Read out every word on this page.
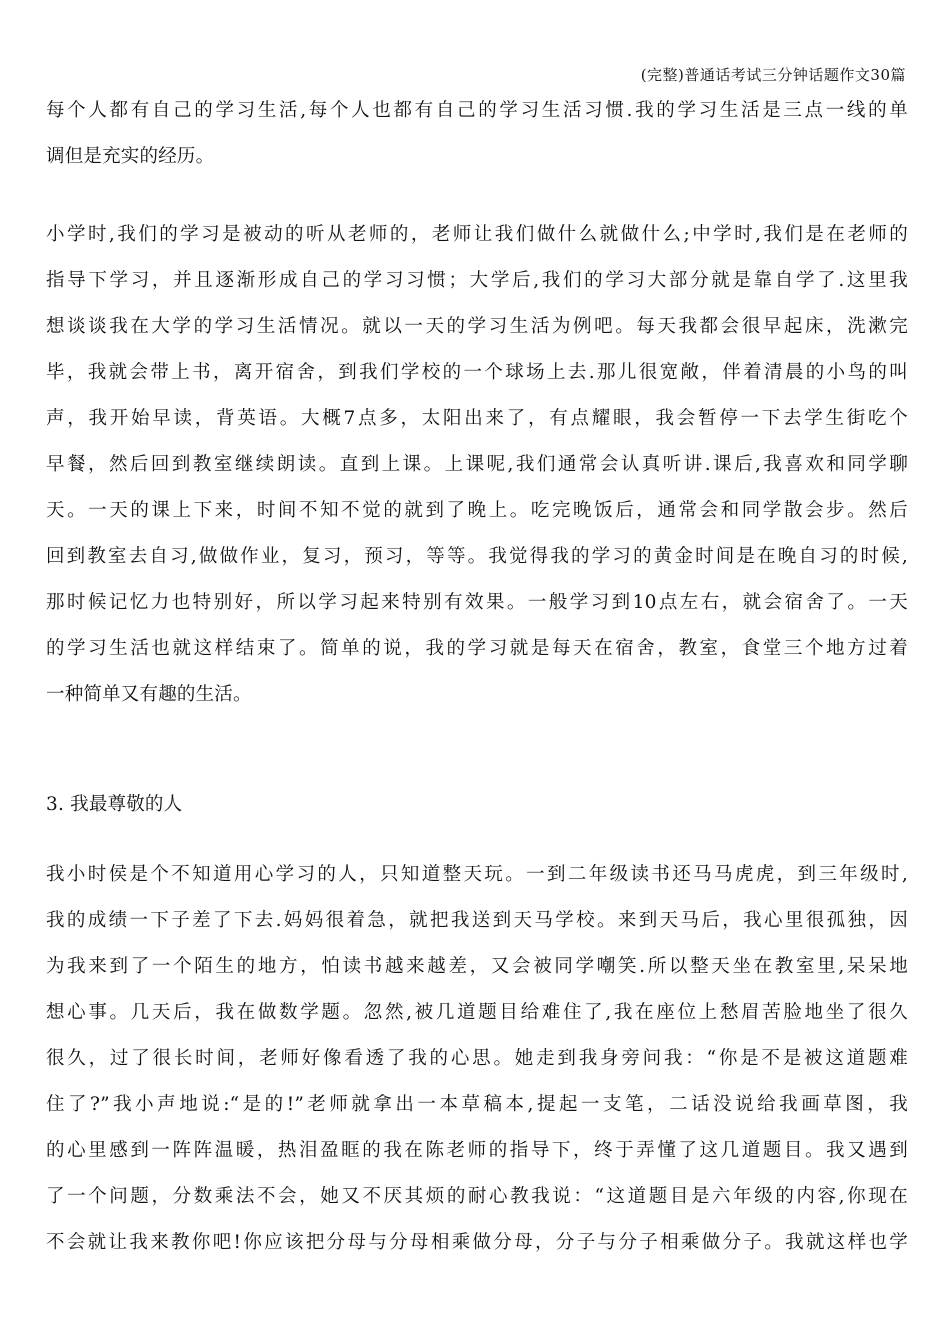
(完整)普通话考试三分钟话题作文30篇
每个人都有自己的学习生活,每个人也都有自己的学习生活习惯.我的学习生活是三点一线的单
调但是充实的经历。
小学时,我们的学习是被动的听从老师的，老师让我们做什么就做什么;中学时,我们是在老师的
指导下学习，并且逐渐形成自己的学习习惯；大学后,我们的学习大部分就是靠自学了.这里我
想谈谈我在大学的学习生活情况。就以一天的学习生活为例吧。每天我都会很早起床，洗漱完
毕，我就会带上书，离开宿舍，到我们学校的一个球场上去.那儿很宽敞，伴着清晨的小鸟的叫
声，我开始早读，背英语。大概7点多，太阳出来了，有点耀眼，我会暂停一下去学生街吃个
早餐，然后回到教室继续朗读。直到上课。上课呢,我们通常会认真听讲.课后,我喜欢和同学聊
天。一天的课上下来，时间不知不觉的就到了晚上。吃完晚饭后，通常会和同学散会步。然后
回到教室去自习,做做作业，复习，预习，等等。我觉得我的学习的黄金时间是在晚自习的时候,
那时候记忆力也特别好，所以学习起来特别有效果。一般学习到10点左右，就会宿舍了。一天
的学习生活也就这样结束了。简单的说，我的学习就是每天在宿舍，教室，食堂三个地方过着
一种简单又有趣的生活。
3. 我最尊敬的人
我小时侯是个不知道用心学习的人，只知道整天玩。一到二年级读书还马马虎虎，到三年级时,
我的成绩一下子差了下去.妈妈很着急，就把我送到天马学校。来到天马后，我心里很孤独，因
为我来到了一个陌生的地方，怕读书越来越差，又会被同学嘲笑.所以整天坐在教室里,呆呆地
想心事。几天后，我在做数学题。忽然,被几道题目给难住了,我在座位上愁眉苦脸地坐了很久
很久，过了很长时间，老师好像看透了我的心思。她走到我身旁问我：“你是不是被这道题难
住了?”我小声地说:“是的!”老师就拿出一本草稿本,提起一支笔，二话没说给我画草图，我
的心里感到一阵阵温暖，热泪盈眶的我在陈老师的指导下，终于弄懂了这几道题目。我又遇到
了一个问题，分数乘法不会，她又不厌其烦的耐心教我说：“这道题目是六年级的内容,你现在
不会就让我来教你吧!你应该把分母与分母相乘做分母，分子与分子相乘做分子。我就这样也学
